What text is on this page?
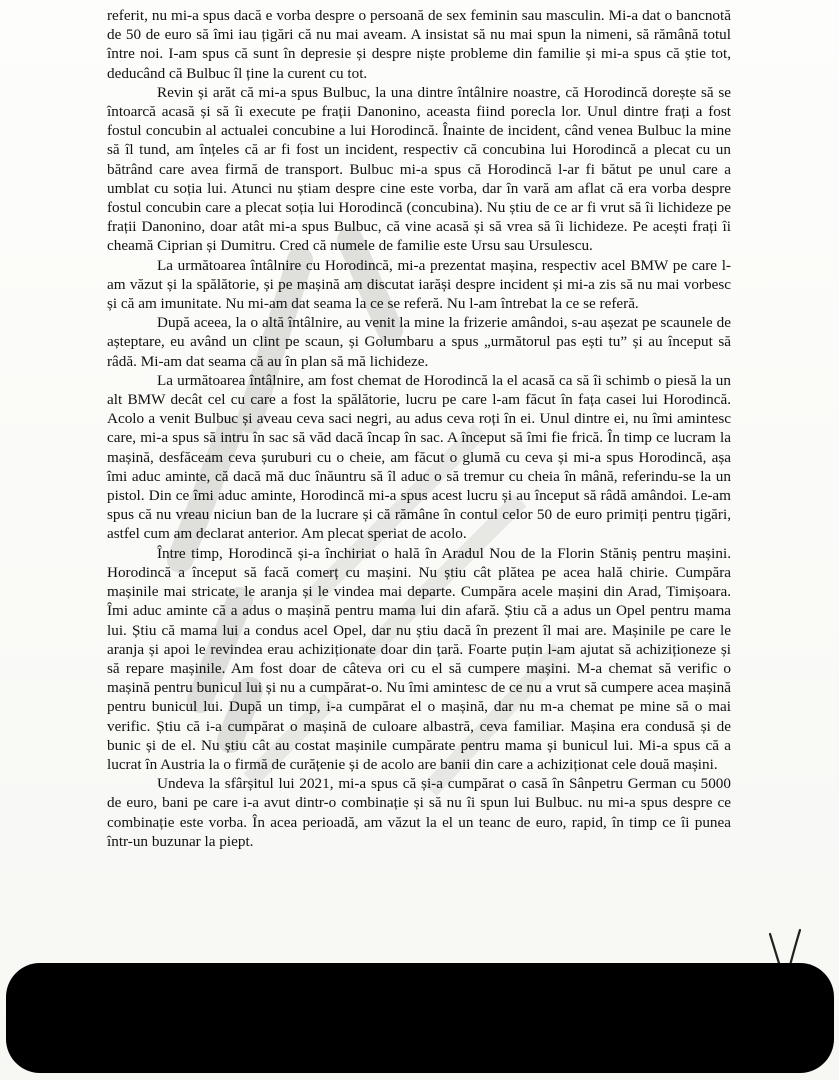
referit, nu mi-a spus dacă e vorba despre o persoană de sex feminin sau masculin. Mi-a dat o bancnotă de 50 de euro să îmi iau țigări că nu mai aveam. A insistat să nu mai spun la nimeni, să rămână totul între noi. I-am spus că sunt în depresie și despre niște probleme din familie și mi-a spus că știe tot, deducând că Bulbuc îl ține la curent cu tot.

Revin și arăt că mi-a spus Bulbuc, la una dintre întâlnire noastre, că Horodincă dorește să se întoarcă acasă și să îi execute pe frații Danonino, aceasta fiind porecla lor. Unul dintre frați a fost fostul concubin al actualei concubine a lui Horodincă. Înainte de incident, când venea Bulbuc la mine să îl tund, am înțeles că ar fi fost un incident, respectiv că concubina lui Horodincă a plecat cu un bătrând care avea firmă de transport. Bulbuc mi-a spus că Horodincă l-ar fi bătut pe unul care a umblat cu soția lui. Atunci nu știam despre cine este vorba, dar în vară am aflat că era vorba despre fostul concubin care a plecat soția lui Horodincă (concubina). Nu știu de ce ar fi vrut să îi lichideze pe frații Danonino, doar atât mi-a spus Bulbuc, că vine acasă și să vrea să îi lichideze. Pe acești frați îi cheamă Ciprian și Dumitru. Cred că numele de familie este Ursu sau Ursulescu.

La următoarea întâlnire cu Horodincă, mi-a prezentat mașina, respectiv acel BMW pe care l-am văzut și la spălătorie, și pe mașină am discutat iarăși despre incident și mi-a zis să nu mai vorbesc și că am imunitate. Nu mi-am dat seama la ce se referă. Nu l-am întrebat la ce se referă.

După aceea, la o altă întâlnire, au venit la mine la frizerie amândoi, s-au așezat pe scaunele de așteptare, eu având un clint pe scaun, și Golumbaru a spus „următorul pas ești tu” și au început să râdă. Mi-am dat seama că au în plan să mă lichideze.

La următoarea întâlnire, am fost chemat de Horodincă la el acasă ca să îi schimb o piesă la un alt BMW decât cel cu care a fost la spălătorie, lucru pe care l-am făcut în fața casei lui Horodincă. Acolo a venit Bulbuc și aveau ceva saci negri, au adus ceva roți în ei. Unul dintre ei, nu îmi amintesc care, mi-a spus să intru în sac să văd dacă încap în sac. A început să îmi fie frică. În timp ce lucram la mașină, desfăceam ceva șuruburi cu o cheie, am făcut o glumă cu ceva și mi-a spus Horodincă, așa îmi aduc aminte, că dacă mă duc înăuntru să îl aduc o să tremur cu cheia în mână, referindu-se la un pistol. Din ce îmi aduc aminte, Horodincă mi-a spus acest lucru și au început să râdă amândoi. Le-am spus că nu vreau niciun ban de la lucrare și că rămâne în contul celor 50 de euro primiți pentru țigări, astfel cum am declarat anterior. Am plecat speriat de acolo.

Între timp, Horodincă și-a închiriat o hală în Aradul Nou de la Florin Stăniș pentru mașini. Horodincă a început să facă comerț cu mașini. Nu știu cât plătea pe acea hală chirie. Cumpăra mașinile mai stricate, le aranja și le vindea mai departe. Cumpăra acele mașini din Arad, Timișoara. Îmi aduc aminte că a adus o mașină pentru mama lui din afară. Știu că a adus un Opel pentru mama lui. Știu că mama lui a condus acel Opel, dar nu știu dacă în prezent îl mai are. Mașinile pe care le aranja și apoi le revindea erau achiziționate doar din țară. Foarte puțin l-am ajutat să achiziționeze și să repare mașinile. Am fost doar de câteva ori cu el să cumpere mașini. M-a chemat să verific o mașină pentru bunicul lui și nu a cumpărat-o. Nu îmi amintesc de ce nu a vrut să cumpere acea mașină pentru bunicul lui. După un timp, i-a cumpărat el o mașină, dar nu m-a chemat pe mine să o mai verific. Știu că i-a cumpărat o mașină de culoare albastră, ceva familiar. Mașina era condusă și de bunic și de el. Nu știu cât au costat mașinile cumpărate pentru mama și bunicul lui. Mi-a spus că a lucrat în Austria la o firmă de curățenie și de acolo are banii din care a achiziționat cele două mașini.

Undeva la sfârșitul lui 2021, mi-a spus că și-a cumpărat o casă în Sânpetru German cu 5000 de euro, bani pe care i-a avut dintr-o combinație și să nu îi spun lui Bulbuc. nu mi-a spus despre ce combinație este vorba. În acea perioadă, am văzut la el un teanc de euro, rapid, în timp ce îi punea într-un buzunar la piept.
